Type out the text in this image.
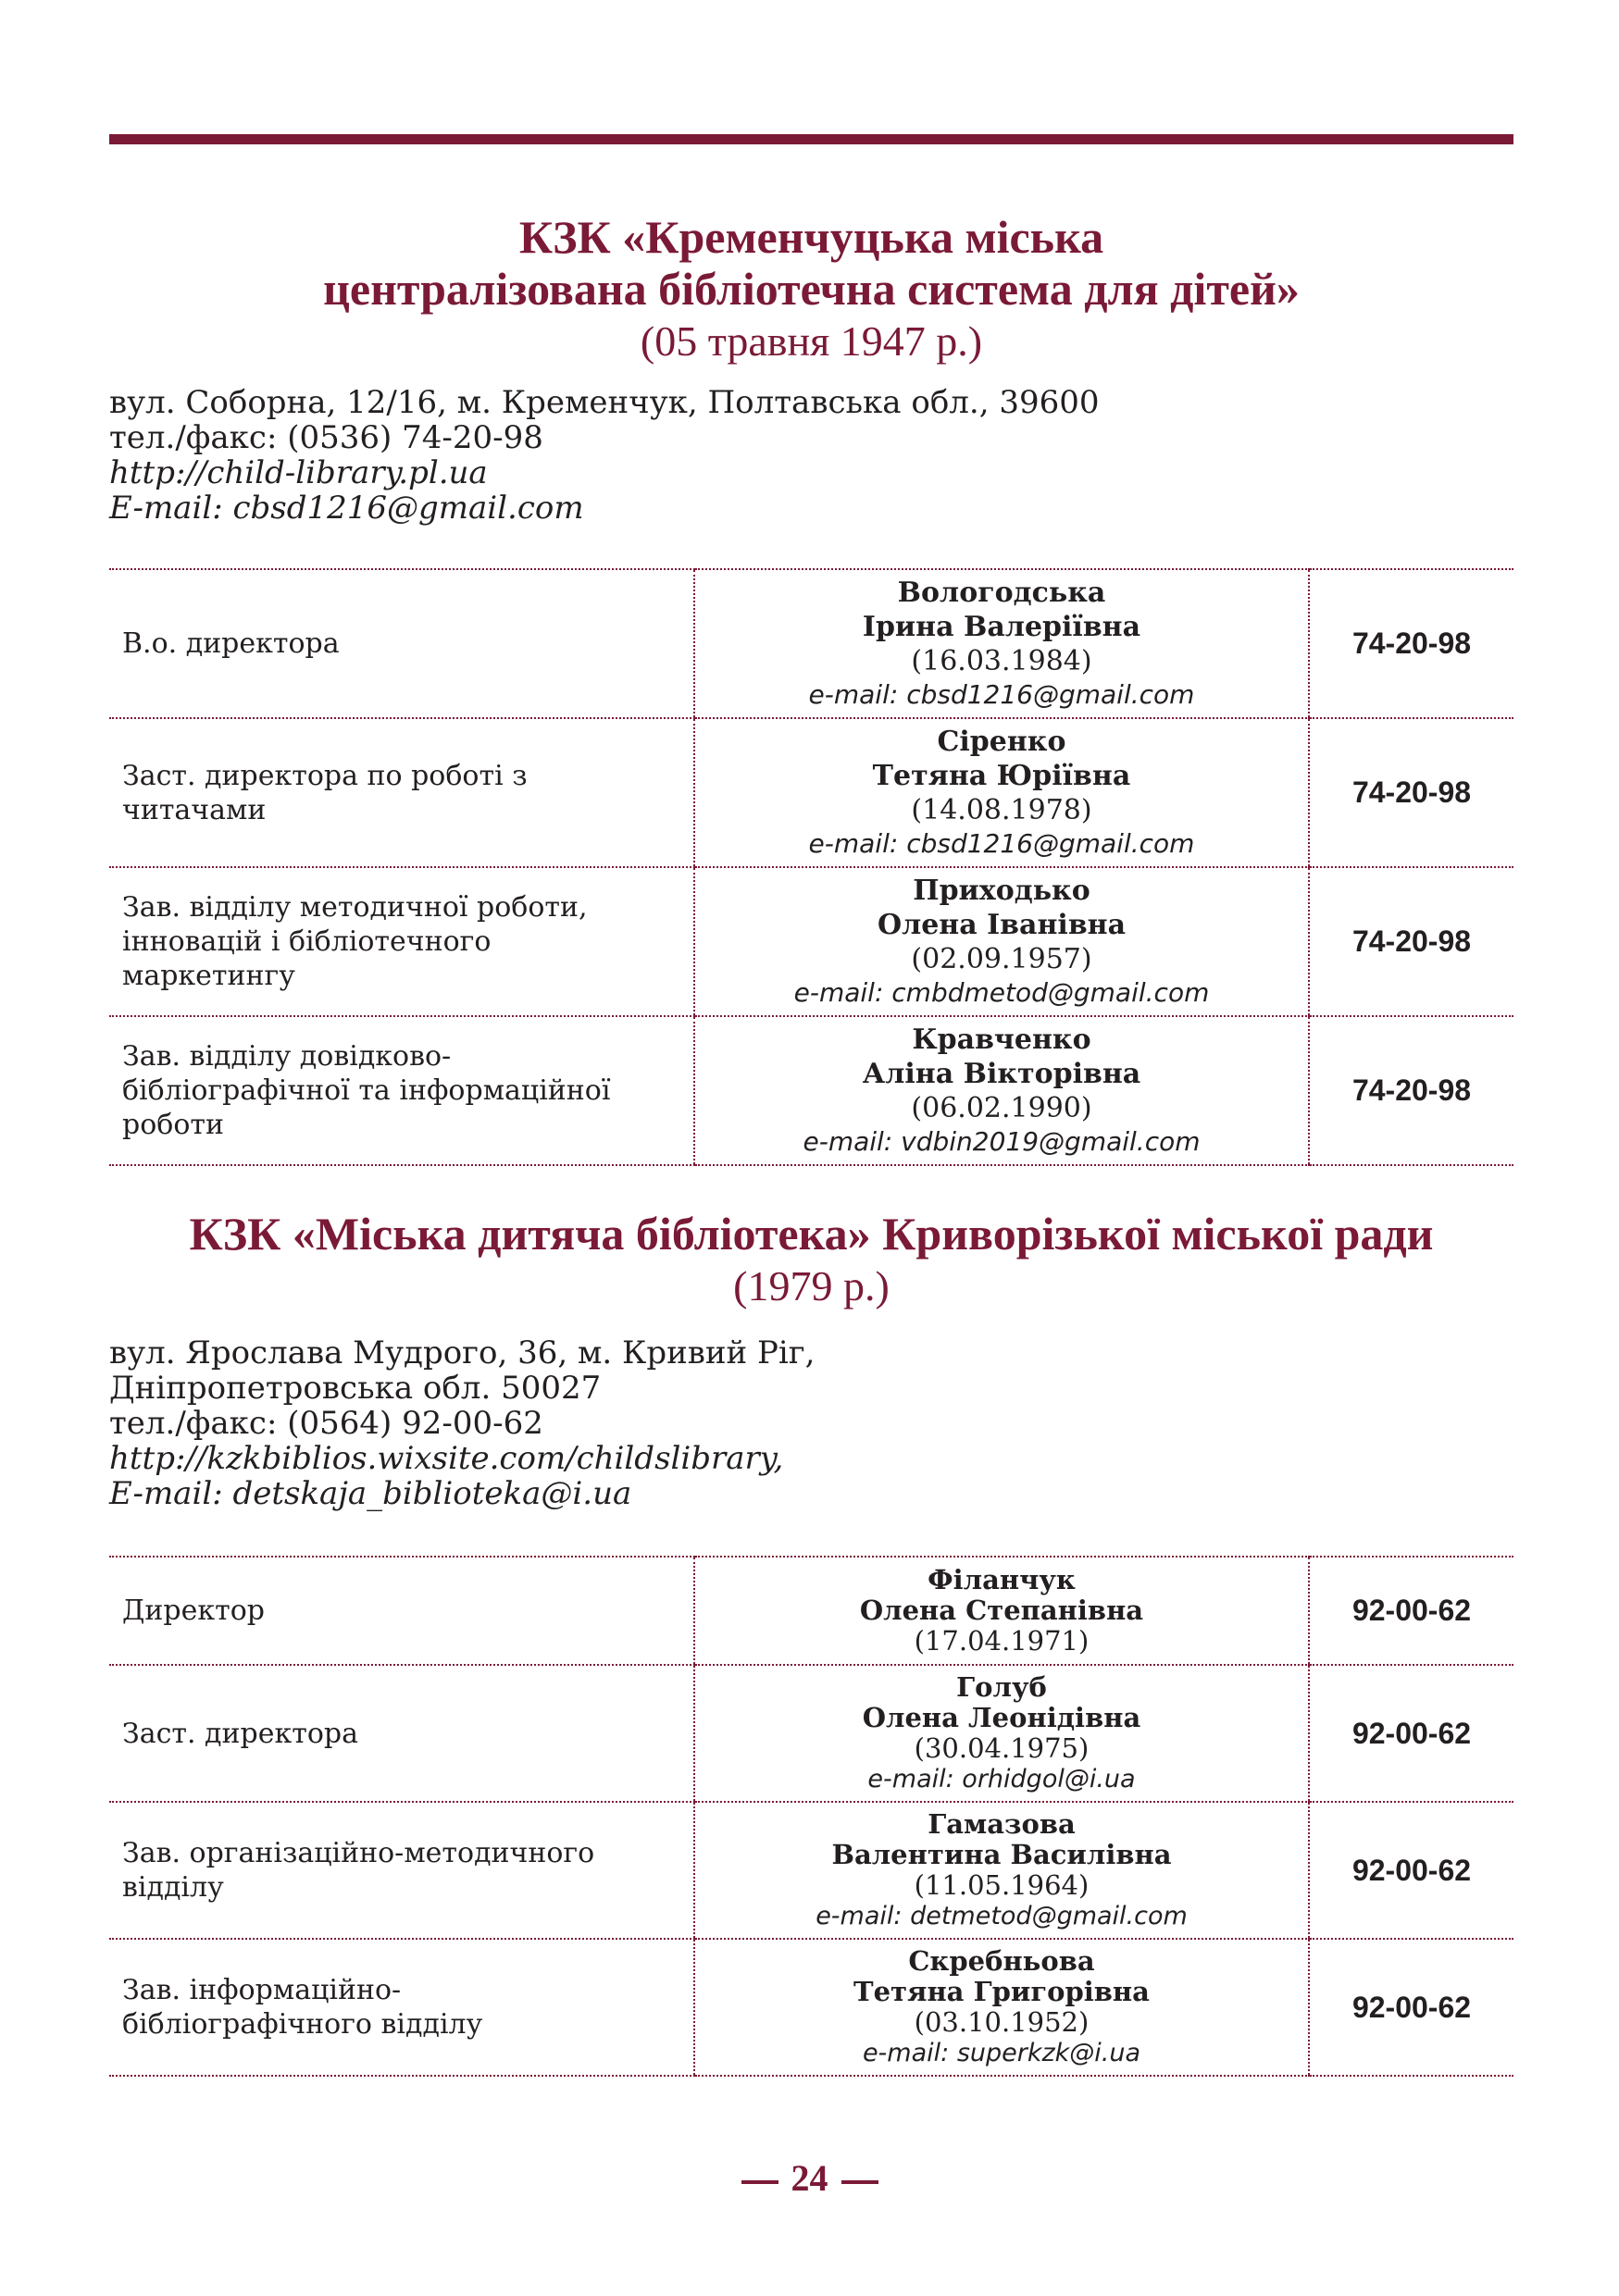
КЗК «Кременчуцька міська
централізована бібліотечна система для дітей»
(05 травня 1947 р.)
вул. Соборна, 12/16, м. Кременчук, Полтавська обл., 39600
тел./факс: (0536) 74-20-98
http://child-library.pl.ua
E-mail: cbsd1216@gmail.com
В.о. директора	Вологодська
Ірина Валеріївна
(16.03.1984)
e-mail: cbsd1216@gmail.com	74-20-98

Заст. директора по роботі з
читачами	Сіренко
Тетяна Юріївна
(14.08.1978)
e-mail: cbsd1216@gmail.com	74-20-98

Зав. відділу методичної роботи,
інновацій і бібліотечного
маркетингу	Приходько
Олена Іванівна
(02.09.1957)
e-mail: cmbdmetod@gmail.com	74-20-98

Зав. відділу довідково-
бібліографічної та інформаційної
роботи	Кравченко
Аліна Вікторівна
(06.02.1990)
e-mail: vdbin2019@gmail.com	74-20-98
КЗК «Міська дитяча бібліотека» Криворізької міської ради
(1979 р.)
вул. Ярослава Мудрого, 36, м. Кривий Ріг,
Дніпропетровська обл. 50027
тел./факс: (0564) 92-00-62
http://kzkbiblios.wixsite.com/childslibrary,
E-mail: detskaja_biblioteka@i.ua
Директор	Філанчук
Олена Степанівна
(17.04.1971)	92-00-62

Заст. директора	Голуб
Олена Леонідівна
(30.04.1975)
e-mail: orhidgol@i.ua	92-00-62

Зав. організаційно-методичного
відділу	Гамазова
Валентина Василівна
(11.05.1964)
e-mail: detmetod@gmail.com	92-00-62

Зав. інформаційно-
бібліографічного відділу	Скребньова
Тетяна Григорівна
(03.10.1952)
e-mail: superkzk@i.ua	92-00-62
24
